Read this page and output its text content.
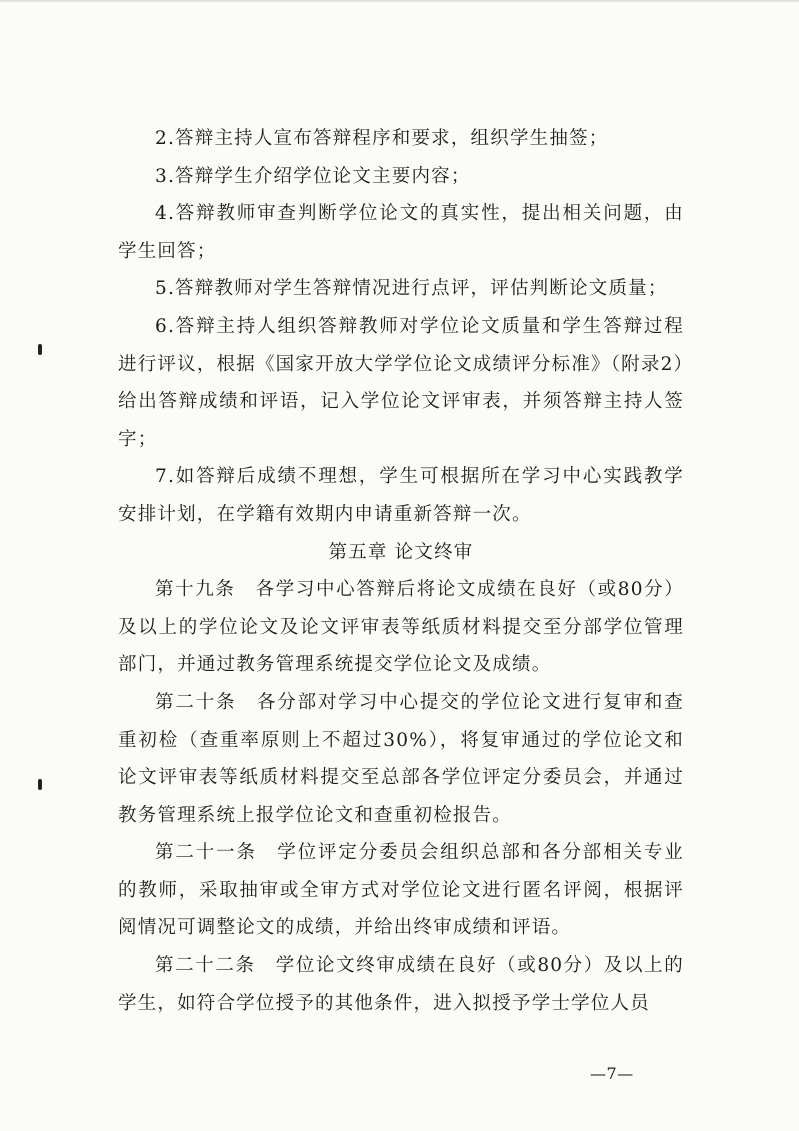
2.答辩主持人宣布答辩程序和要求，组织学生抽签；

3.答辩学生介绍学位论文主要内容；

4.答辩教师审查判断学位论文的真实性，提出相关问题，由学生回答；

5.答辩教师对学生答辩情况进行点评，评估判断论文质量；

6.答辩主持人组织答辩教师对学位论文质量和学生答辩过程进行评议，根据《国家开放大学学位论文成绩评分标准》（附录2）给出答辩成绩和评语，记入学位论文评审表，并须答辩主持人签字；

7.如答辩后成绩不理想，学生可根据所在学习中心实践教学安排计划，在学籍有效期内申请重新答辩一次。

第五章 论文终审

第十九条　各学习中心答辩后将论文成绩在良好（或80分）及以上的学位论文及论文评审表等纸质材料提交至分部学位管理部门，并通过教务管理系统提交学位论文及成绩。

第二十条　各分部对学习中心提交的学位论文进行复审和查重初检（查重率原则上不超过30%），将复审通过的学位论文和论文评审表等纸质材料提交至总部各学位评定分委员会，并通过教务管理系统上报学位论文和查重初检报告。

第二十一条　学位评定分委员会组织总部和各分部相关专业的教师，采取抽审或全审方式对学位论文进行匿名评阅，根据评阅情况可调整论文的成绩，并给出终审成绩和评语。

第二十二条　学位论文终审成绩在良好（或80分）及以上的学生，如符合学位授予的其他条件，进入拟授予学士学位人员

—7—
